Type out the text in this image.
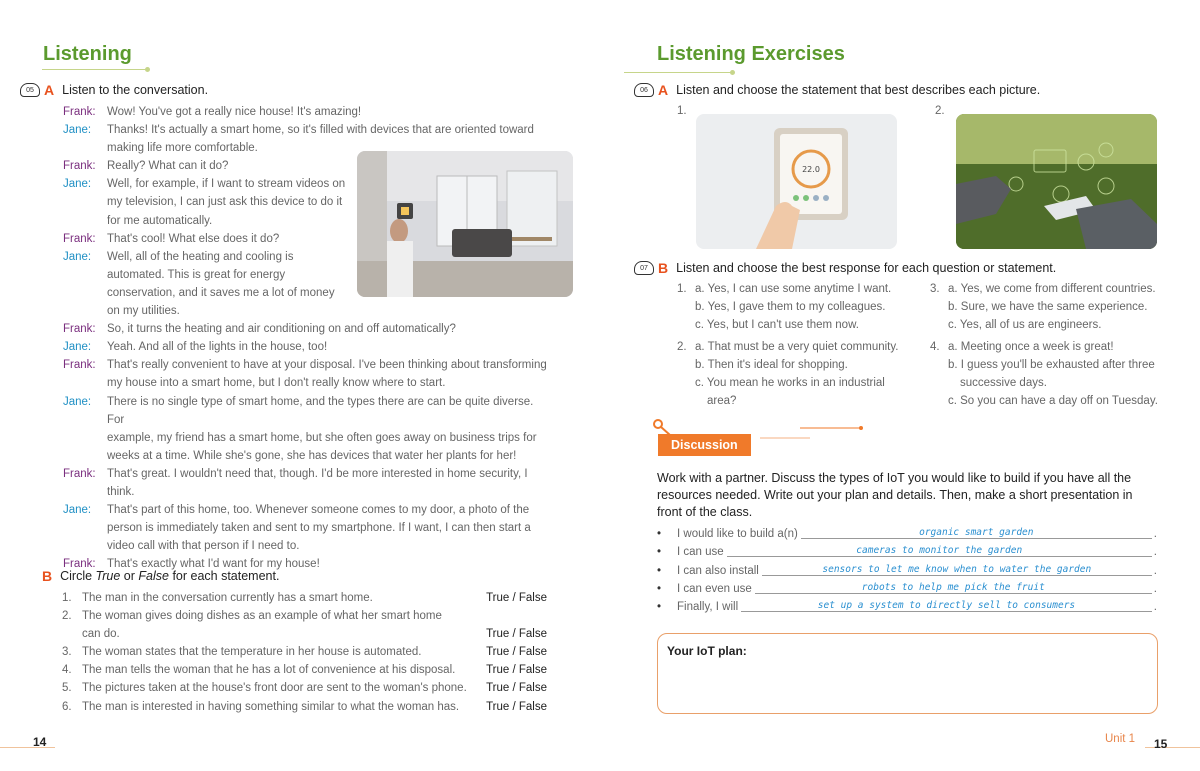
Listening
05 A Listen to the conversation.
Frank: Wow! You've got a really nice house! It's amazing!
Jane:	Thanks! It's actually a smart home, so it's filled with devices that are oriented toward
making life more comfortable.
Frank: Really? What can it do?
Jane:	Well, for example, if I want to stream videos on
my television, I can just ask this device to do it
for me automatically.
Frank: That's cool! What else does it do?
Jane:	Well, all of the heating and cooling is
automated. This is great for energy
conservation, and it saves me a lot of money
on my utilities.
Frank: So, it turns the heating and air conditioning on and off automatically?
Jane:	Yeah. And all of the lights in the house, too!
Frank: That's really convenient to have at your disposal. I've been thinking about transforming
my house into a smart home, but I don't really know where to start.
Jane:	There is no single type of smart home, and the types there are can be quite diverse. For
example, my friend has a smart home, but she often goes away on business trips for
weeks at a time. While she's gone, she has devices that water her plants for her!
Frank: That's great. I wouldn't need that, though. I'd be more interested in home security, I
think.
Jane:	That's part of this home, too. Whenever someone comes to my door, a photo of the
person is immediately taken and sent to my smartphone. If I want, I can then start a
video call with that person if I need to.
Frank: That's exactly what I'd want for my house!
B Circle True or False for each statement.
1. The man in the conversation currently has a smart home.	True / False
2. The woman gives doing dishes as an example of what her smart home
can do.	True / False
3. The woman states that the temperature in her house is automated.	True / False
4. The man tells the woman that he has a lot of convenience at his disposal.	True / False
5. The pictures taken at the house's front door are sent to the woman's phone.	True / False
6. The man is interested in having something similar to what the woman has.	True / False
14
Listening Exercises
06 A Listen and choose the statement that best describes each picture.
1.	2.
22.0
07 B Listen and choose the best response for each question or statement.
1. a. Yes, I can use some anytime I want.
b. Yes, I gave them to my colleagues.
c. Yes, but I can't use them now.
3. a. Yes, we come from different countries.
b. Sure, we have the same experience.
c. Yes, all of us are engineers.
2. a. That must be a very quiet community.
b. Then it's ideal for shopping.
c. You mean he works in an industrial
area?
4. a. Meeting once a week is great!
b. I guess you'll be exhausted after three
successive days.
c. So you can have a day off on Tuesday.
Discussion
Work with a partner. Discuss the types of IoT you would like to build if you have all the resources needed. Write out your plan and details. Then, make a short presentation in front of the class.
•	I would like to build a(n)	organic smart garden	.
•	I can use	cameras to monitor the garden	.
•	I can also install	sensors to let me know when to water the garden	.
•	I can even use	robots to help me pick the fruit	.
•	Finally, I will	set up a system to directly sell to consumers	.
Your IoT plan:
Unit 1 15
